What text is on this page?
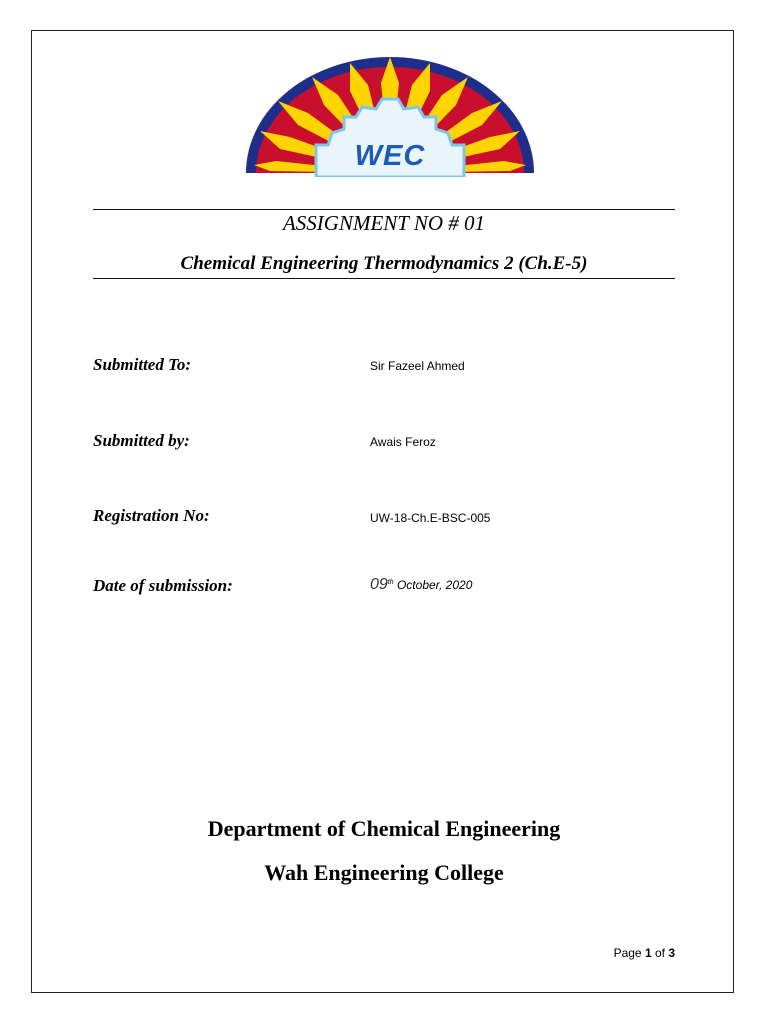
WEC
ASSIGNMENT NO # 01
Chemical Engineering Thermodynamics 2 (Ch.E-5)
Submitted To:	Sir Fazeel Ahmed
Submitted by:	Awais Feroz
Registration No:	UW-18-Ch.E-BSC-005
Date of submission:	09th October, 2020
Department of Chemical Engineering
Wah Engineering College
Page 1 of 3
